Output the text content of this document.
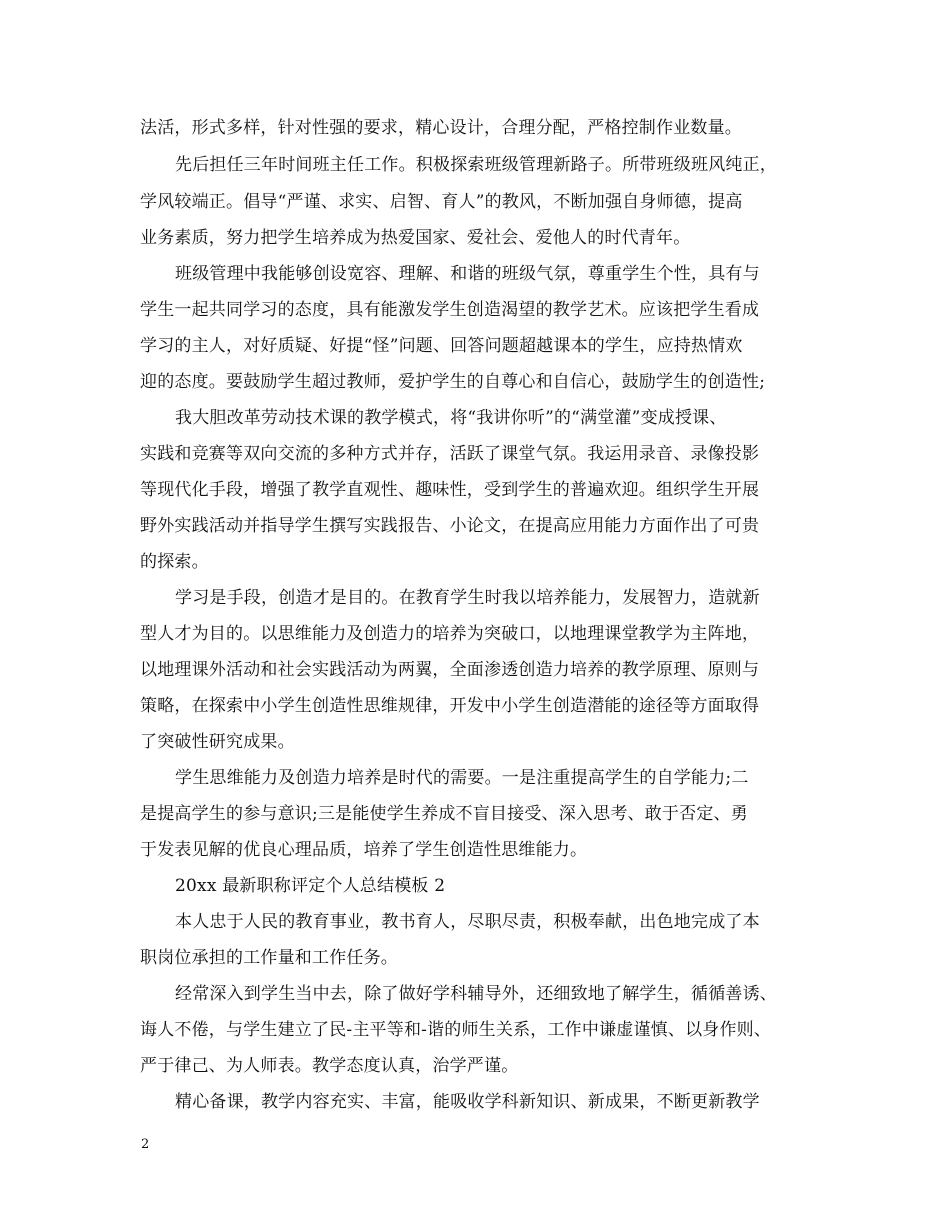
法活，形式多样，针对性强的要求，精心设计，合理分配，严格控制作业数量。
先后担任三年时间班主任工作。积极探索班级管理新路子。所带班级班风纯正，
学风较端正。倡导“严谨、求实、启智、育人”的教风，不断加强自身师德，提高
业务素质，努力把学生培养成为热爱国家、爱社会、爱他人的时代青年。
班级管理中我能够创设宽容、理解、和谐的班级气氛，尊重学生个性，具有与
学生一起共同学习的态度，具有能激发学生创造渴望的教学艺术。应该把学生看成
学习的主人，对好质疑、好提“怪”问题、回答问题超越课本的学生，应持热情欢
迎的态度。要鼓励学生超过教师，爱护学生的自尊心和自信心，鼓励学生的创造性;
我大胆改革劳动技术课的教学模式，将“我讲你听”的“满堂灌”变成授课、
实践和竞赛等双向交流的多种方式并存，活跃了课堂气氛。我运用录音、录像投影
等现代化手段，增强了教学直观性、趣味性，受到学生的普遍欢迎。组织学生开展
野外实践活动并指导学生撰写实践报告、小论文，在提高应用能力方面作出了可贵
的探索。
学习是手段，创造才是目的。在教育学生时我以培养能力，发展智力，造就新
型人才为目的。以思维能力及创造力的培养为突破口，以地理课堂教学为主阵地，
以地理课外活动和社会实践活动为两翼，全面渗透创造力培养的教学原理、原则与
策略，在探索中小学生创造性思维规律，开发中小学生创造潜能的途径等方面取得
了突破性研究成果。
学生思维能力及创造力培养是时代的需要。一是注重提高学生的自学能力;二
是提高学生的参与意识;三是能使学生养成不盲目接受、深入思考、敢于否定、勇
于发表见解的优良心理品质，培养了学生创造性思维能力。
20xx 最新职称评定个人总结模板 2
本人忠于人民的教育事业，教书育人，尽职尽责，积极奉献，出色地完成了本
职岗位承担的工作量和工作任务。
经常深入到学生当中去，除了做好学科辅导外，还细致地了解学生，循循善诱、
诲人不倦，与学生建立了民-主平等和-谐的师生关系，工作中谦虚谨慎、以身作则、
严于律己、为人师表。教学态度认真，治学严谨。
精心备课，教学内容充实、丰富，能吸收学科新知识、新成果，不断更新教学
2
